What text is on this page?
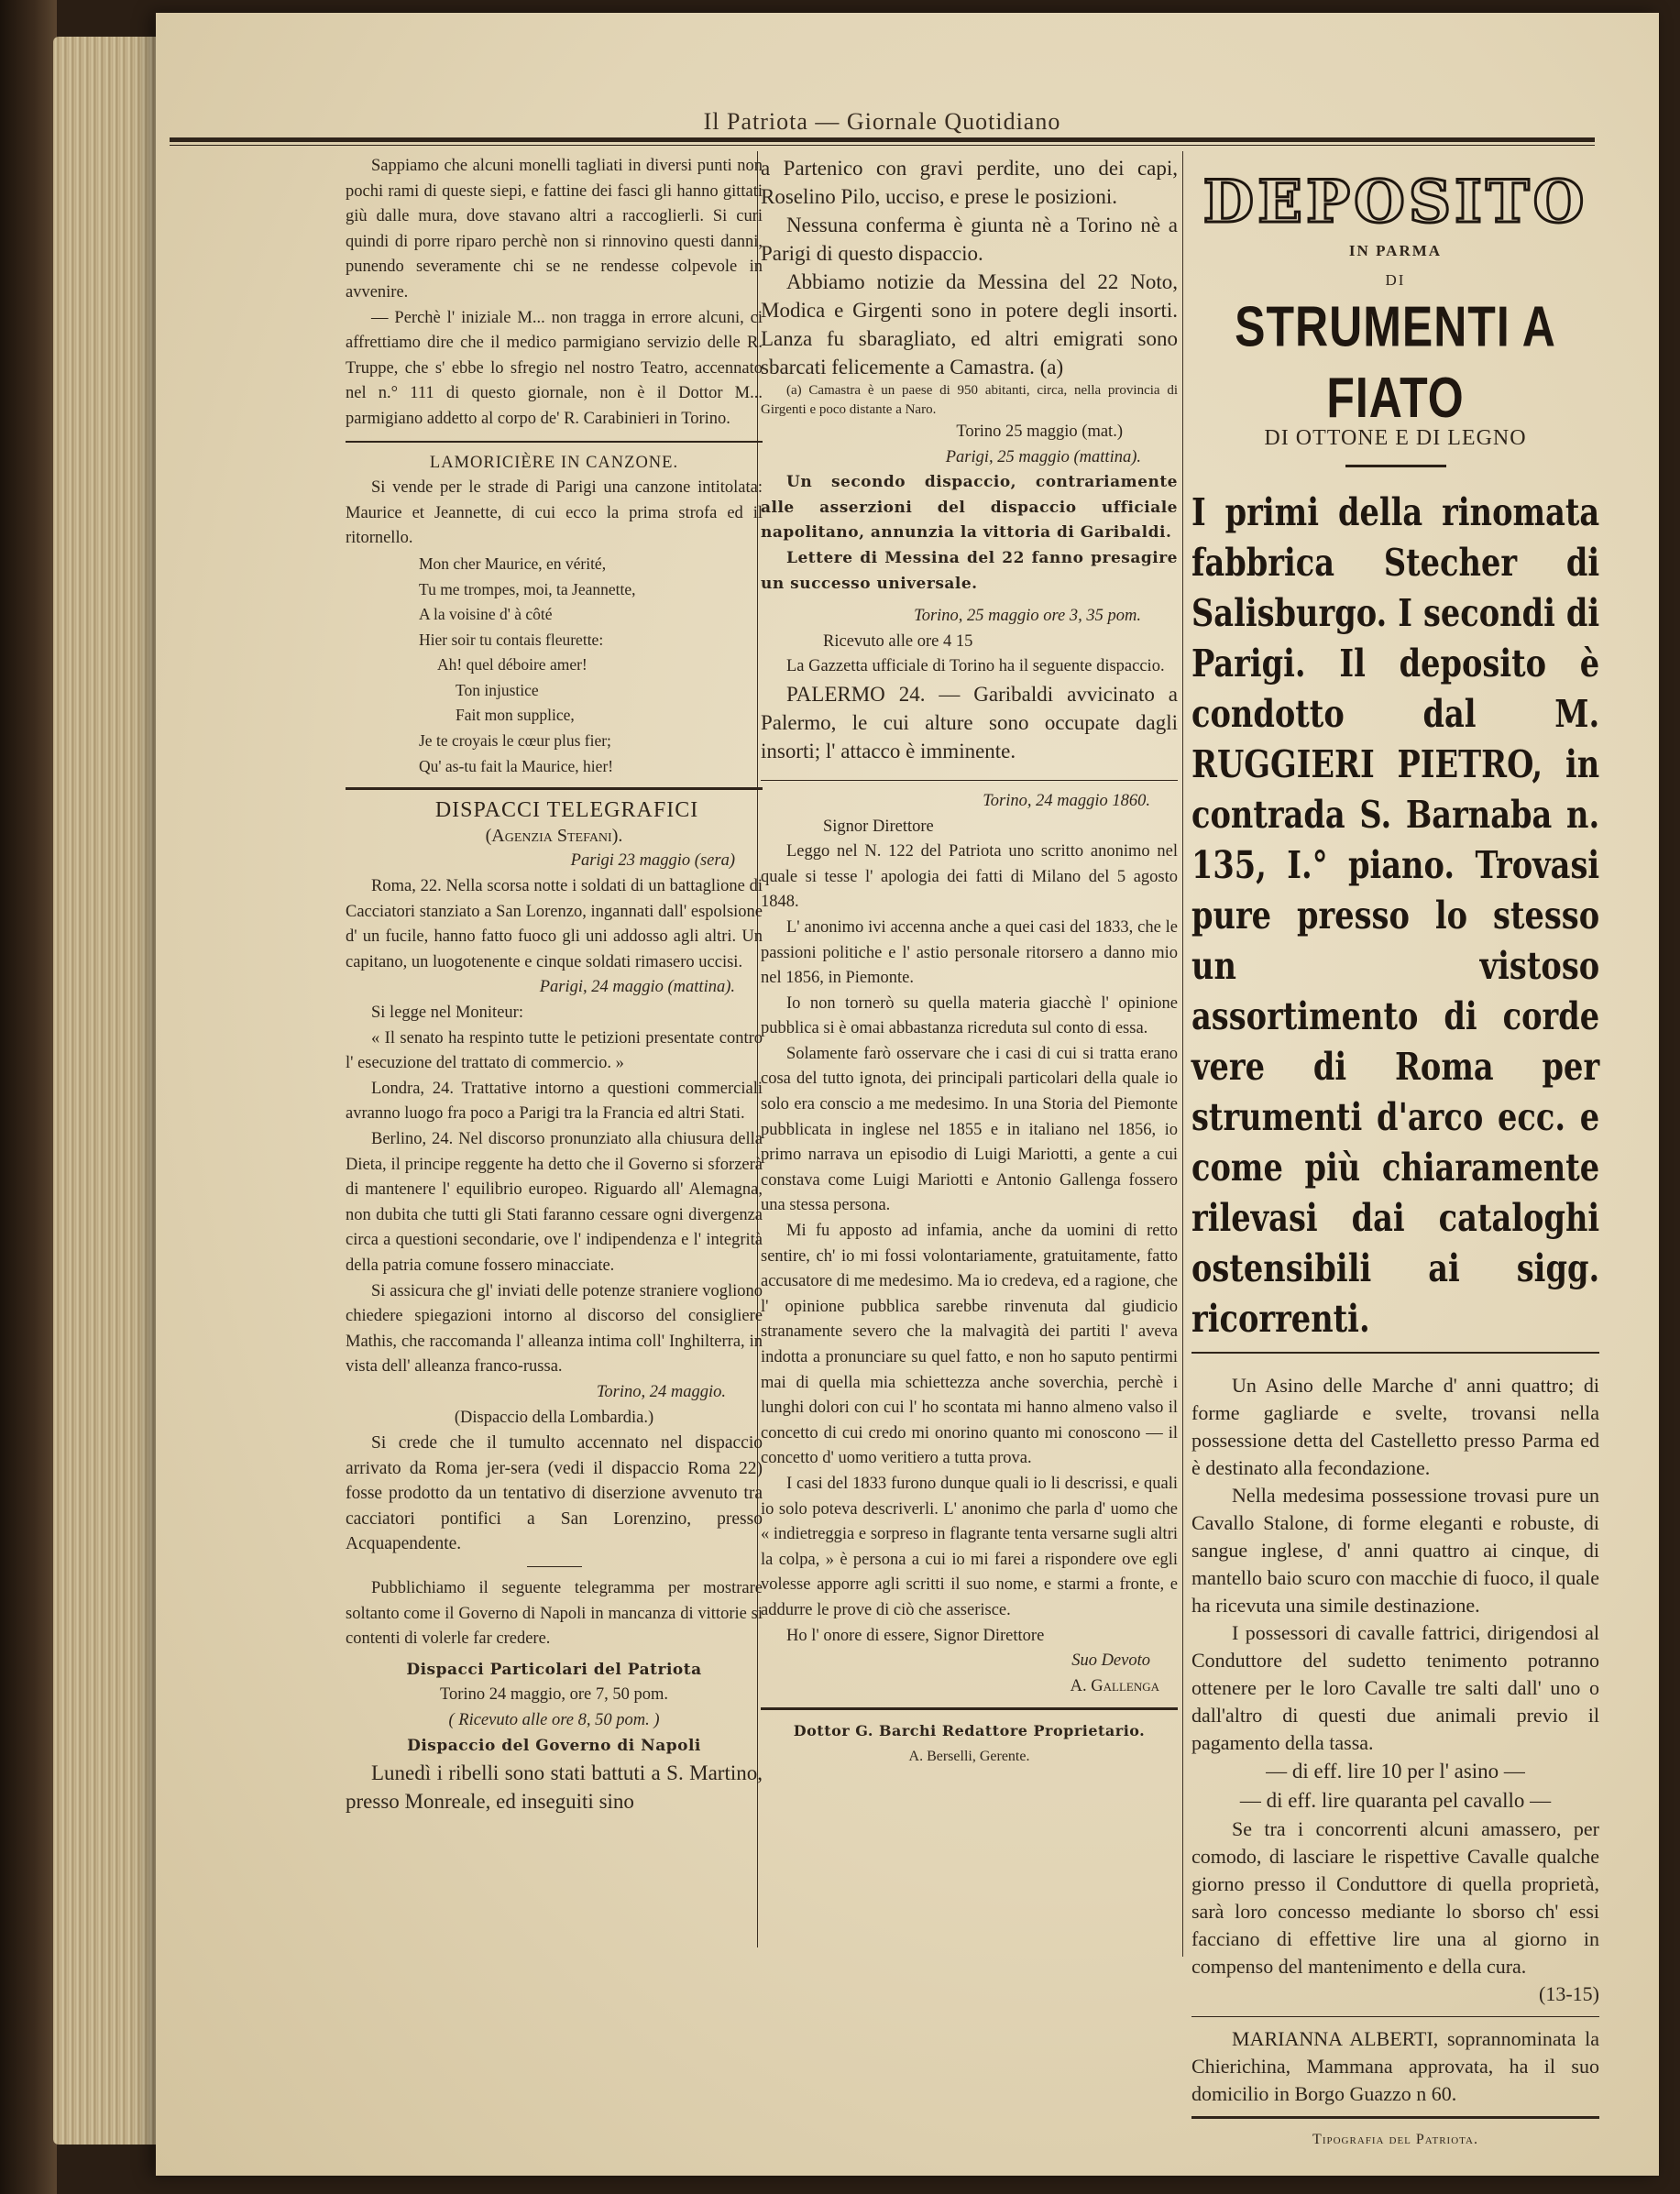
Il Patriota — Giornale Quotidiano

Sappiamo che alcuni monelli tagliati in diversi punti non pochi rami di queste siepi, e fattine dei fasci gli hanno gittati giù dalle mura, dove stavano altri a raccoglierli. Si curi quindi di porre riparo perchè non si rinnovino questi danni, punendo severamente chi se ne rendesse colpevole in avvenire.

— Perchè l' iniziale M... non tragga in errore alcuni, ci affrettiamo dire che il medico parmigiano servizio delle R. Truppe, che s' ebbe lo sfregio nel nostro Teatro, accennato nel n.° 111 di questo giornale, non è il Dottor M... parmigiano addetto al corpo de' R. Carabinieri in Torino.

LAMORICIÈRE IN CANZONE.

Si vende per le strade di Parigi una canzone intitolata: Maurice et Jeannette, di cui ecco la prima strofa ed il ritornello.

Mon cher Maurice, en vérité,
Tu me trompes, moi, ta Jeannette,
A la voisine d' à côté
Hier soir tu contais fleurette:
Ah! quel déboire amer!
Ton injustice
Fait mon supplice,
Je te croyais le cœur plus fier;
Qu' as-tu fait la Maurice, hier!

DISPACCI TELEGRAFICI

(Agenzia Stefani).

Parigi 23 maggio (sera)

Roma, 22. Nella scorsa notte i soldati di un battaglione di Cacciatori stanziato a San Lorenzo, ingannati dall' espolsione d' un fucile, hanno fatto fuoco gli uni addosso agli altri. Un capitano, un luogotenente e cinque soldati rimasero uccisi.

Parigi, 24 maggio (mattina).

Si legge nel Moniteur:

« Il senato ha respinto tutte le petizioni presentate contro l' esecuzione del trattato di commercio. »

Londra, 24. Trattative intorno a questioni commerciali avranno luogo fra poco a Parigi tra la Francia ed altri Stati.

Berlino, 24. Nel discorso pronunziato alla chiusura della Dieta, il principe reggente ha detto che il Governo si sforzerà di mantenere l' equilibrio europeo. Riguardo all' Alemagna, non dubita che tutti gli Stati faranno cessare ogni divergenza circa a questioni secondarie, ove l' indipendenza e l' integrità della patria comune fossero minacciate.

Si assicura che gl' inviati delle potenze straniere vogliono chiedere spiegazioni intorno al discorso del consigliere Mathis, che raccomanda l' alleanza intima coll' Inghilterra, in vista dell' alleanza franco-russa.

Torino, 24 maggio.

(Dispaccio della Lombardia.)

Si crede che il tumulto accennato nel dispaccio arrivato da Roma jer-sera (vedi il dispaccio Roma 22) fosse prodotto da un tentativo di diserzione avvenuto tra cacciatori pontifici a San Lorenzino, presso Acquapendente.

Pubblichiamo il seguente telegramma per mostrare soltanto come il Governo di Napoli in mancanza di vittorie si contenti di volerle far credere.

Dispacci Particolari del Patriota

Torino 24 maggio, ore 7, 50 pom.

( Ricevuto alle ore 8, 50 pom. )

Dispaccio del Governo di Napoli

Lunedì i ribelli sono stati battuti a S. Martino, presso Monreale, ed inseguiti sino

a Partenico con gravi perdite, uno dei capi, Roselino Pilo, ucciso, e prese le posizioni.

Nessuna conferma è giunta nè a Torino nè a Parigi di questo dispaccio.

Abbiamo notizie da Messina del 22 Noto, Modica e Girgenti sono in potere degli insorti. Lanza fu sbaragliato, ed altri emigrati sono sbarcati felicemente a Camastra. (a)

(a) Camastra è un paese di 950 abitanti, circa, nella provincia di Girgenti e poco distante a Naro.

Torino 25 maggio (mat.)

Parigi, 25 maggio (mattina).

Un secondo dispaccio, contrariamente alle asserzioni del dispaccio ufficiale napolitano, annunzia la vittoria di Garibaldi.

Lettere di Messina del 22 fanno presagire un successo universale.

Torino, 25 maggio ore 3, 35 pom.

Ricevuto alle ore 4 15

La Gazzetta ufficiale di Torino ha il seguente dispaccio.

PALERMO 24. — Garibaldi avvicinato a Palermo, le cui alture sono occupate dagli insorti; l' attacco è imminente.

Torino, 24 maggio 1860.

Signor Direttore

Leggo nel N. 122 del Patriota uno scritto anonimo nel quale si tesse l' apologia dei fatti di Milano del 5 agosto 1848.

L' anonimo ivi accenna anche a quei casi del 1833, che le passioni politiche e l' astio personale ritorsero a danno mio nel 1856, in Piemonte.

Io non tornerò su quella materia giacchè l' opinione pubblica si è omai abbastanza ricreduta sul conto di essa.

Solamente farò osservare che i casi di cui si tratta erano cosa del tutto ignota, dei principali particolari della quale io solo era conscio a me medesimo. In una Storia del Piemonte pubblicata in inglese nel 1855 e in italiano nel 1856, io primo narrava un episodio di Luigi Mariotti, a gente a cui constava come Luigi Mariotti e Antonio Gallenga fossero una stessa persona.

Mi fu apposto ad infamia, anche da uomini di retto sentire, ch' io mi fossi volontariamente, gratuitamente, fatto accusatore di me medesimo. Ma io credeva, ed a ragione, che l' opinione pubblica sarebbe rinvenuta dal giudicio stranamente severo che la malvagità dei partiti l' aveva indotta a pronunciare su quel fatto, e non ho saputo pentirmi mai di quella mia schiettezza anche soverchia, perchè i lunghi dolori con cui l' ho scontata mi hanno almeno valso il concetto di cui credo mi onorino quanto mi conoscono — il concetto d' uomo veritiero a tutta prova.

I casi del 1833 furono dunque quali io li descrissi, e quali io solo poteva descriverli. L' anonimo che parla d' uomo che « indietreggia e sorpreso in flagrante tenta versarne sugli altri la colpa, » è persona a cui io mi farei a rispondere ove egli volesse apporre agli scritti il suo nome, e starmi a fronte, e addurre le prove di ciò che asserisce.

Ho l' onore di essere, Signor Direttore

Suo Devoto

A. Gallenga

Dottor G. Barchi Redattore Proprietario.

A. Berselli, Gerente.

DEPOSITO
IN PARMA
DI
STRUMENTI A FIATO
DI OTTONE E DI LEGNO
I primi della rinomata fabbrica Stecher di Salisburgo. I secondi di Parigi. Il deposito è condotto dal M. RUGGIERI PIETRO, in contrada S. Barnaba n. 135, I.° piano. Trovasi pure presso lo stesso un vistoso assortimento di corde vere di Roma per strumenti d'arco ecc. e come più chiaramente rilevasi dai cataloghi ostensibili ai sigg. ricorrenti.

Un Asino delle Marche d' anni quattro; di forme gagliarde e svelte, trovansi nella possessione detta del Castelletto presso Parma ed è destinato alla fecondazione.

Nella medesima possessione trovasi pure un Cavallo Stalone, di forme eleganti e robuste, di sangue inglese, d' anni quattro ai cinque, di mantello baio scuro con macchie di fuoco, il quale ha ricevuta una simile destinazione.

I possessori di cavalle fattrici, dirigendosi al Conduttore del sudetto tenimento potranno ottenere per le loro Cavalle tre salti dall' uno o dall'altro di questi due animali previo il pagamento della tassa.

— di eff. lire 10 per l' asino —

— di eff. lire quaranta pel cavallo —

Se tra i concorrenti alcuni amassero, per comodo, di lasciare le rispettive Cavalle qualche giorno presso il Conduttore di quella proprietà, sarà loro concesso mediante lo sborso ch' essi facciano di effettive lire una al giorno in compenso del mantenimento e della cura.

(13-15)

MARIANNA ALBERTI, soprannominata la Chierichina, Mammana approvata, ha il suo domicilio in Borgo Guazzo n 60.

Tipografia del Patriota.
